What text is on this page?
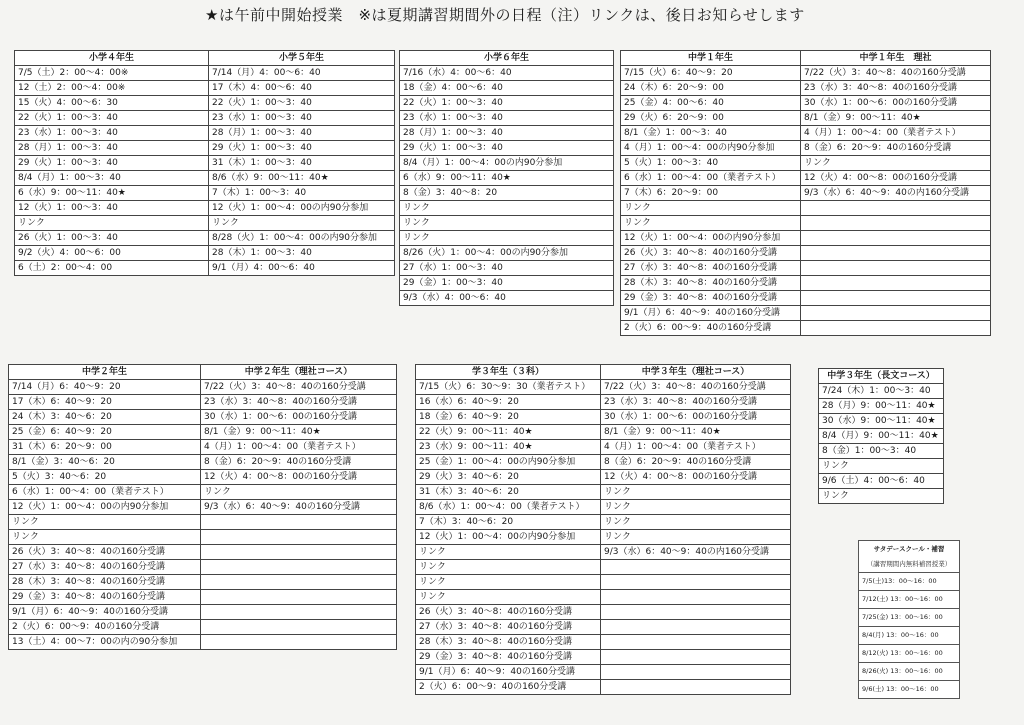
★は午前中開始授業　※は夏期講習期間外の日程（注）リンクは、後日お知らせします
小学４年生	小学５年生
7/5（土）2：00～4：00※	7/14（月）4：00～6：40
12（土）2：00～4：00※	17（木）4：00～6：40
15（火）4：00～6：30	22（火）1：00～3：40
22（火）1：00～3：40	23（水）1：00～3：40
23（水）1：00～3：40	28（月）1：00～3：40
28（月）1：00～3：40	29（火）1：00～3：40
29（火）1：00～3：40	31（木）1：00～3：40
8/4（月）1：00～3：40	8/6（水）9：00～11：40★
6（水）9：00～11：40★	7（木）1：00～3：40
12（火）1：00～3：40	12（火）1：00～4：00の内90分参加
リンク	リンク
26（火）1：00～3：40	8/28（火）1：00～4：00の内90分参加
9/2（火）4：00～6：00	28（木）1：00～3：40
6（土）2：00～4：00	9/1（月）4：00～6：40
小学６年生
7/16（水）4：00～6：40
18（金）4：00～6：40
22（火）1：00～3：40
23（水）1：00～3：40
28（月）1：00～3：40
29（火）1：00～3：40
8/4（月）1：00～4：00の内90分参加
6（水）9：00～11：40★
8（金）3：40～8：20
リンク
リンク
リンク
8/26（火）1：00～4：00の内90分参加
27（水）1：00～3：40
29（金）1：00～3：40
9/3（水）4：00～6：40
中学１年生	中学１年生　理社
7/15（火）6：40～9：20	7/22（火）3：40～8：40の160分受講
24（木）6：20～9：00	23（水）3：40～8：40の160分受講
25（金）4：00～6：40	30（水）1：00～6：00の160分受講
29（火）6：20～9：00	8/1（金）9：00～11：40★
8/1（金）1：00～3：40	4（月）1：00～4：00（業者テスト）
4（月）1：00～4：00の内90分参加	8（金）6：20～9：40の160分受講
5（火）1：00～3：40	リンク
6（水）1：00～4：00（業者テスト）	12（火）4：00～8：00の160分受講
7（木）6：20～9：00	9/3（水）6：40～9：40の内160分受講
リンク	
リンク	
12（火）1：00～4：00の内90分参加	
26（火）3：40～8：40の160分受講	
27（水）3：40～8：40の160分受講	
28（木）3：40～8：40の160分受講	
29（金）3：40～8：40の160分受講	
9/1（月）6：40～9：40の160分受講	
2（火）6：00～9：40の160分受講	
中学２年生	中学２年生（理社コース）
7/14（月）6：40～9：20	7/22（火）3：40～8：40の160分受講
17（木）6：40～9：20	23（水）3：40～8：40の160分受講
24（木）3：40～6：20	30（水）1：00～6：00の160分受講
25（金）6：40～9：20	8/1（金）9：00～11：40★
31（木）6：20～9：00	4（月）1：00～4：00（業者テスト）
8/1（金）3：40～6：20	8（金）6：20～9：40の160分受講
5（火）3：40～6：20	12（火）4：00～8：00の160分受講
6（水）1：00～4：00（業者テスト）	リンク
12（火）1：00～4：00の内90分参加	9/3（水）6：40～9：40の160分受講
リンク	
リンク	
26（火）3：40～8：40の160分受講	
27（水）3：40～8：40の160分受講	
28（木）3：40～8：40の160分受講	
29（金）3：40～8：40の160分受講	
9/1（月）6：40～9：40の160分受講	
2（火）6：00～9：40の160分受講	
13（土）4：00～7：00の内の90分参加	
学３年生（３科）	中学３年生（理社コース）
7/15（火）6：30～9：30（業者テスト）	7/22（火）3：40～8：40の160分受講
16（水）6：40～9：20	23（水）3：40～8：40の160分受講
18（金）6：40～9：20	30（水）1：00～6：00の160分受講
22（火）9：00～11：40★	8/1（金）9：00～11：40★
23（水）9：00～11：40★	4（月）1：00～4：00（業者テスト）
25（金）1：00～4：00の内90分参加	8（金）6：20～9：40の160分受講
29（火）3：40～6：20	12（火）4：00～8：00の160分受講
31（木）3：40～6：20	リンク
8/6（水）1：00～4：00（業者テスト）	リンク
7（木）3：40～6：20	リンク
12（火）1：00～4：00の内90分参加	リンク
リンク	9/3（水）6：40～9：40の内160分受講
リンク	
リンク	
リンク	
26（火）3：40～8：40の160分受講	
27（水）3：40～8：40の160分受講	
28（木）3：40～8：40の160分受講	
29（金）3：40～8：40の160分受講	
9/1（月）6：40～9：40の160分受講	
2（火）6：00～9：40の160分受講	
中学３年生（長文コース）
7/24（木）1：00～3：40
28（月）9：00～11：40★
30（水）9：00～11：40★
8/4（月）9：00～11：40★
8（金）1：00～3：40
リンク
9/6（土）4：00～6：40
リンク
サタデースクール・補習
（講習期間内無料補習授業）
7/5(土)13：00～16：00
7/12(土) 13：00～16：00
7/25(金) 13：00～16：00
8/4(月) 13：00～16：00
8/12(火) 13：00～16：00
8/26(火) 13：00～16：00
9/6(土) 13：00～16：00
